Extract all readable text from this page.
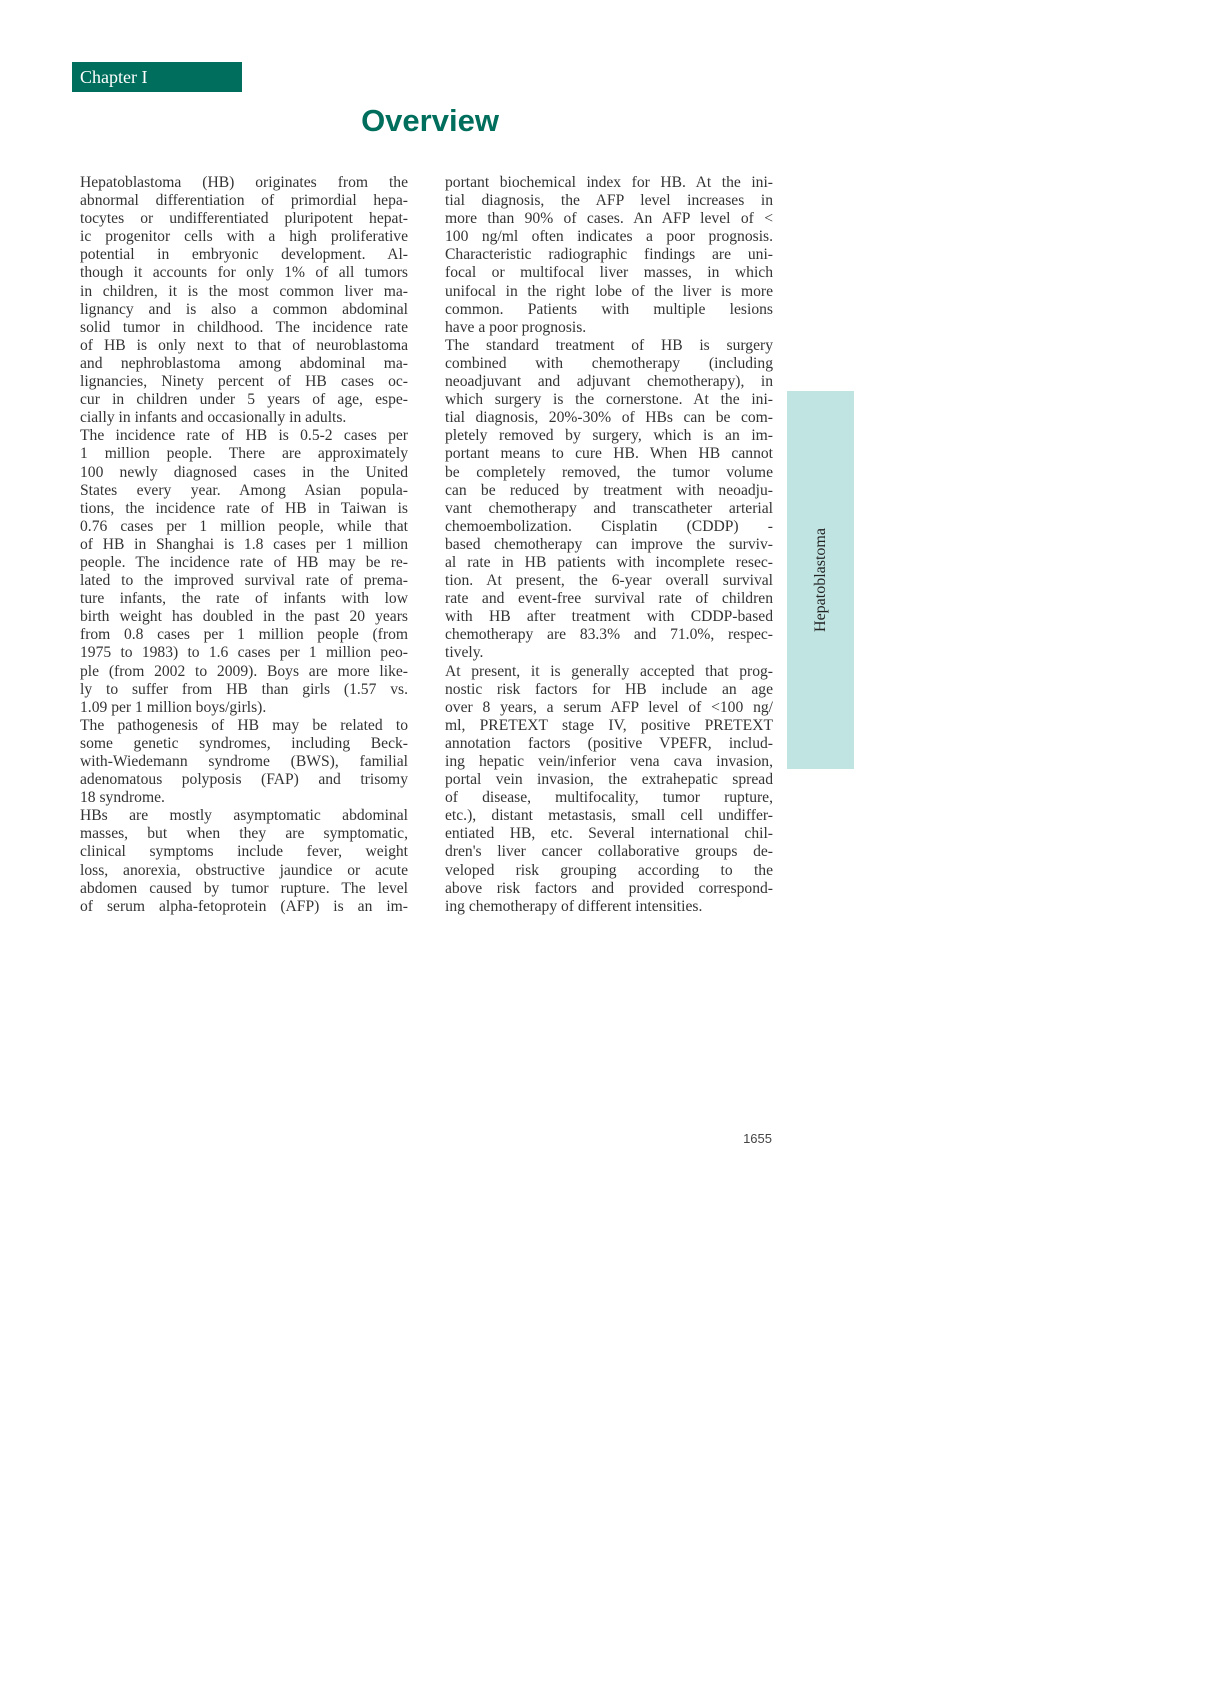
Chapter I
Overview
Hepatoblastoma (HB) originates from the
abnormal differentiation of primordial hepa-
tocytes or undifferentiated pluripotent hepat-
ic progenitor cells with a high proliferative
potential in embryonic development. Al-
though it accounts for only 1% of all tumors
in children, it is the most common liver ma-
lignancy and is also a common abdominal
solid tumor in childhood. The incidence rate
of HB is only next to that of neuroblastoma
and nephroblastoma among abdominal ma-
lignancies, Ninety percent of HB cases oc-
cur in children under 5 years of age, espe-
cially in infants and occasionally in adults.
The incidence rate of HB is 0.5-2 cases per
1 million people. There are approximately
100 newly diagnosed cases in the United
States every year. Among Asian popula-
tions, the incidence rate of HB in Taiwan is
0.76 cases per 1 million people, while that
of HB in Shanghai is 1.8 cases per 1 million
people. The incidence rate of HB may be re-
lated to the improved survival rate of prema-
ture infants, the rate of infants with low
birth weight has doubled in the past 20 years
from 0.8 cases per 1 million people (from
1975 to 1983) to 1.6 cases per 1 million peo-
ple (from 2002 to 2009). Boys are more like-
ly to suffer from HB than girls (1.57 vs.
1.09 per 1 million boys/girls).
The pathogenesis of HB may be related to
some genetic syndromes, including Beck-
with-Wiedemann syndrome (BWS), familial
adenomatous polyposis (FAP) and trisomy
18 syndrome.
HBs are mostly asymptomatic abdominal
masses, but when they are symptomatic,
clinical symptoms include fever, weight
loss, anorexia, obstructive jaundice or acute
abdomen caused by tumor rupture. The level
of serum alpha-fetoprotein (AFP) is an im-
portant biochemical index for HB. At the ini-
tial diagnosis, the AFP level increases in
more than 90% of cases. An AFP level of <
100 ng/ml often indicates a poor prognosis.
Characteristic radiographic findings are uni-
focal or multifocal liver masses, in which
unifocal in the right lobe of the liver is more
common. Patients with multiple lesions
have a poor prognosis.
The standard treatment of HB is surgery
combined with chemotherapy (including
neoadjuvant and adjuvant chemotherapy), in
which surgery is the cornerstone. At the ini-
tial diagnosis, 20%-30% of HBs can be com-
pletely removed by surgery, which is an im-
portant means to cure HB. When HB cannot
be completely removed, the tumor volume
can be reduced by treatment with neoadju-
vant chemotherapy and transcatheter arterial
chemoembolization. Cisplatin (CDDP) -
based chemotherapy can improve the surviv-
al rate in HB patients with incomplete resec-
tion. At present, the 6-year overall survival
rate and event-free survival rate of children
with HB after treatment with CDDP-based
chemotherapy are 83.3% and 71.0%, respec-
tively.
At present, it is generally accepted that prog-
nostic risk factors for HB include an age
over 8 years, a serum AFP level of <100 ng/
ml, PRETEXT stage IV, positive PRETEXT
annotation factors (positive VPEFR, includ-
ing hepatic vein/inferior vena cava invasion,
portal vein invasion, the extrahepatic spread
of disease, multifocality, tumor rupture,
etc.), distant metastasis, small cell undiffer-
entiated HB, etc. Several international chil-
dren's liver cancer collaborative groups de-
veloped risk grouping according to the
above risk factors and provided correspond-
ing chemotherapy of different intensities.
Hepatoblastoma
1655
